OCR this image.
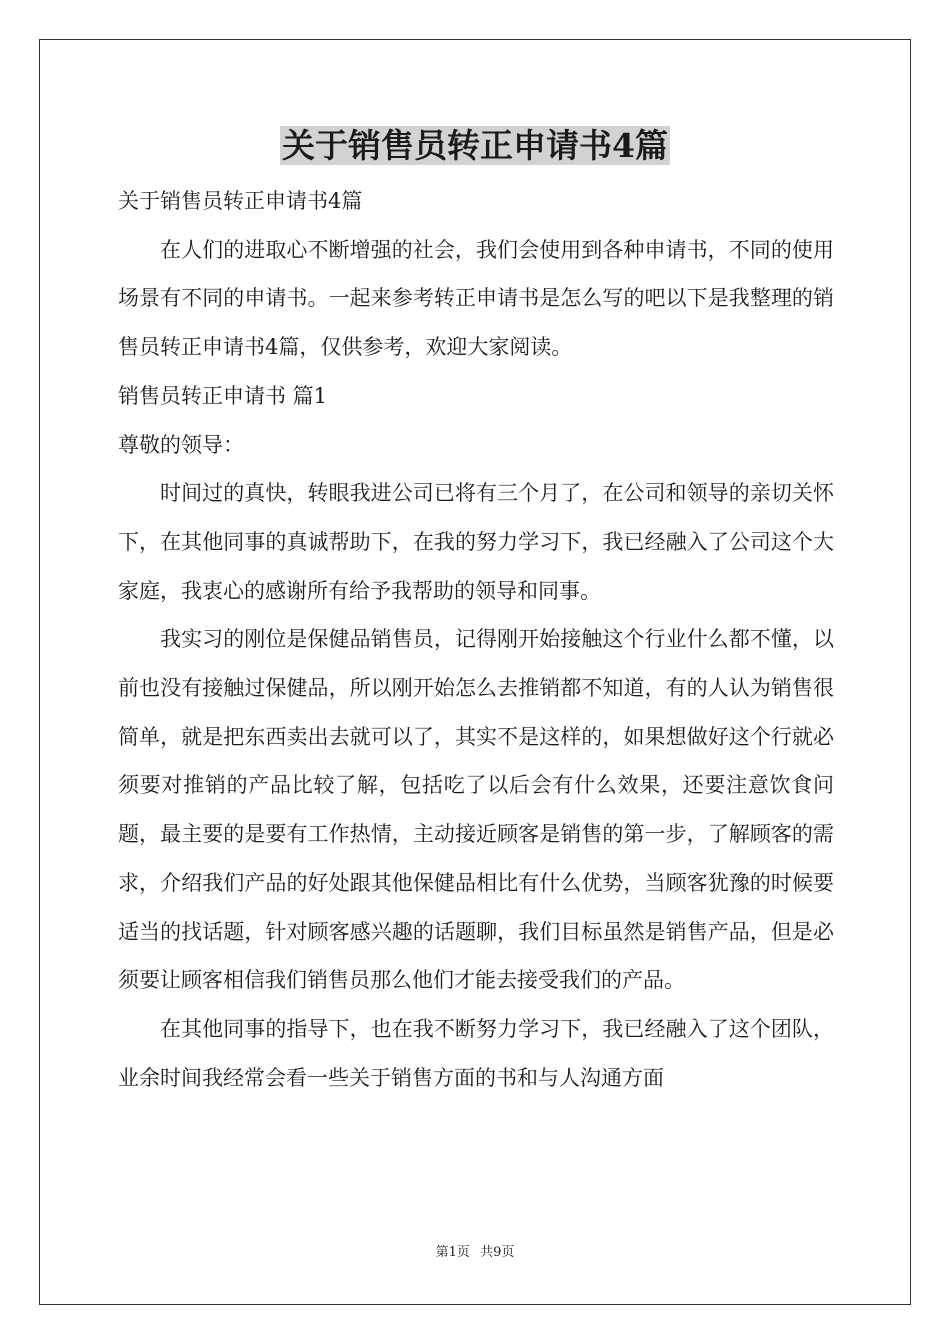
关于销售员转正申请书4篇

关于销售员转正申请书4篇

在人们的进取心不断增强的社会，我们会使用到各种申请书，不同的使用场景有不同的申请书。一起来参考转正申请书是怎么写的吧以下是我整理的销售员转正申请书4篇，仅供参考，欢迎大家阅读。

销售员转正申请书 篇1

尊敬的领导：

时间过的真快，转眼我进公司已将有三个月了，在公司和领导的亲切关怀下，在其他同事的真诚帮助下，在我的努力学习下，我已经融入了公司这个大家庭，我衷心的感谢所有给予我帮助的领导和同事。

我实习的刚位是保健品销售员，记得刚开始接触这个行业什么都不懂，以前也没有接触过保健品，所以刚开始怎么去推销都不知道，有的人认为销售很简单，就是把东西卖出去就可以了，其实不是这样的，如果想做好这个行就必须要对推销的产品比较了解，包括吃了以后会有什么效果，还要注意饮食问题，最主要的是要有工作热情，主动接近顾客是销售的第一步，了解顾客的需求，介绍我们产品的好处跟其他保健品相比有什么优势，当顾客犹豫的时候要适当的找话题，针对顾客感兴趣的话题聊，我们目标虽然是销售产品，但是必须要让顾客相信我们销售员那么他们才能去接受我们的产品。

在其他同事的指导下，也在我不断努力学习下，我已经融入了这个团队，业余时间我经常会看一些关于销售方面的书和与人沟通方面

第1页 共9页
